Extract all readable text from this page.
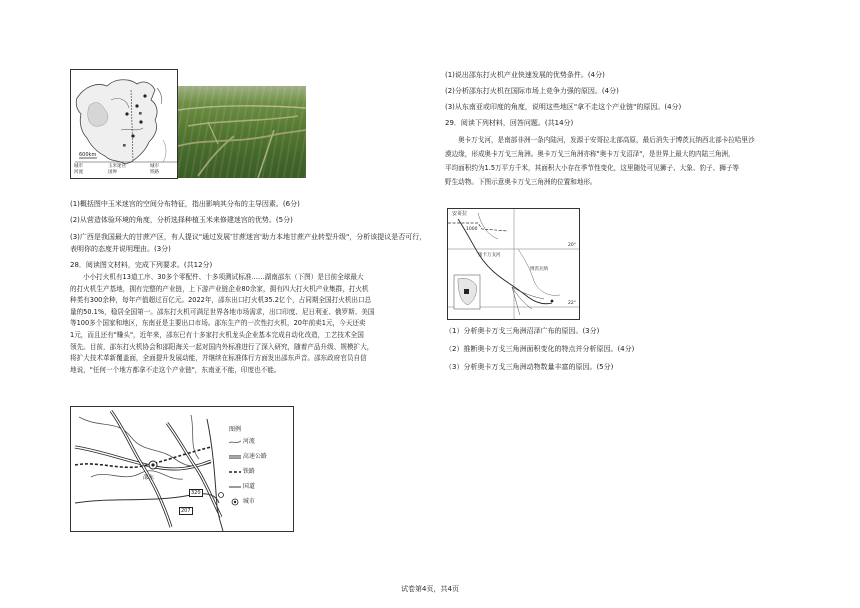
600km
城市	玉米迷宫	城市
河流	国界	铁路
(1)概括图中玉米迷宫的空间分布特征，指出影响其分布的主导因素。(6分)
(2)从营造体验环境的角度，分析选择种植玉米来修建迷宫的优势。(5分)
(3)广西是我国最大的甘蔗产区，有人提议"通过发展'甘蔗迷宫'助力本地甘蔗产业转型升级"，分析该提议是否可行，表明你的态度并说明理由。(3分)
28．阅读图文材料，完成下列要求。(共12分)
小小打火机有13道工序、30多个零配件、十多项测试标准……湖南邵东（下图）是目前全球最大
的打火机生产基地，拥有完整的产业链，上下游产业链企业80余家，拥有四大打火机产业集群，打火机
种类有300余种，每年产值超过百亿元。2022年，邵东出口打火机35.2亿个，占同期全国打火机出口总
量的50.1%，稳居全国第一。邵东打火机可满足世界各地市场需求，出口印度、尼日利亚、俄罗斯、美国
等100多个国家和地区，东南亚是主要出口市场。邵东生产的一次性打火机，20年前卖1元，今天还卖
1元，而且还有"赚头"，近年来，邵东已有十多家打火机龙头企业基本完成自动化改造，工艺技术全国
领先。目前，邵东打火机协会和邵阳海关一起对国内外标准进行了深入研究，随着产品升级、规模扩大，
将扩大技术革新覆盖面，全面提升发展动能，并继续在标准体行方面发出邵东声音。邵东政府官员自信
地说，"任何一个地方都拿不走这个产业链"，东南亚不能，印度也不能。
邵东
320
207
图例
河流
高速公路
铁路
国道
城市
(1)说出邵东打火机产业快速发展的优势条件。(4分)
(2)分析邵东打火机在国际市场上竞争力强的原因。(4分)
(3)从东南亚或印度的角度，说明这些地区"拿不走这个产业链"的原因。(4分)
29．阅读下列材料，回答问题。(共14分)
奥卡万戈河，是南部非洲一条内陆河，发源于安哥拉北部高原，最后消失于博茨瓦纳西北部卡拉哈里沙
漠边缘，形成奥卡万戈三角洲。奥卡万戈三角洲亦称"奥卡万戈沼泽"，是世界上最大的内陆三角洲，
平均面积约为1.5万平方千米，其面积大小存在季节性变化，这里随处可见狮子、大象、豹子、狮子等
野生动物。下图示意奥卡万戈三角洲的位置和地形。
安哥拉
1000
奥卡万戈河
博茨瓦纳
20°
22°
（1）分析奥卡万戈三角洲沼泽广布的原因。(3分)
（2）推断奥卡万戈三角洲面积变化的特点并分析原因。(4分)
（3）分析奥卡万戈三角洲动物数量丰富的原因。(5分)
试卷第4页，共4页
